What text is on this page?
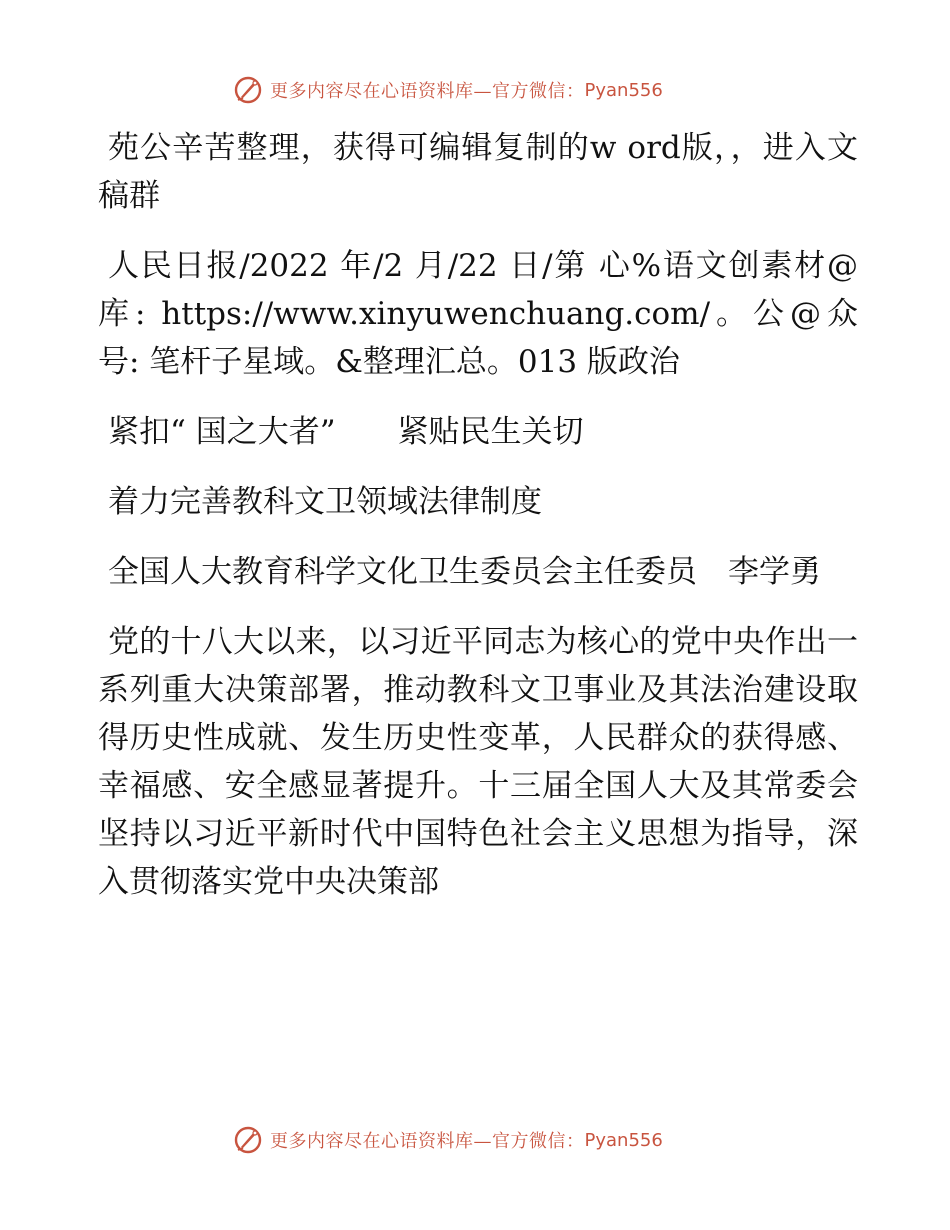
更多内容尽在心语资料库—官方微信： Pyan556

苑公辛苦整理，获得可编辑复制的w ord版，，进入文稿群

人民日报/2022 年/2 月/22 日/第 心%语文创素材@库: https://www.xinyuwenchuang.com/。公@众号: 笔杆子星域。&整理汇总。013 版政治

紧扣“ 国之大者”　　紧贴民生关切

着力完善教科文卫领域法律制度

全国人大教育科学文化卫生委员会主任委员　李学勇

党的十八大以来，以习近平同志为核心的党中央作出一系列重大决策部署，推动教科文卫事业及其法治建设取得历史性成就、发生历史性变革，人民群众的获得感、幸福感、安全感显著提升。十三届全国人大及其常委会坚持以习近平新时代中国特色社会主义思想为指导，深入贯彻落实党中央决策部

更多内容尽在心语资料库—官方微信： Pyan556
